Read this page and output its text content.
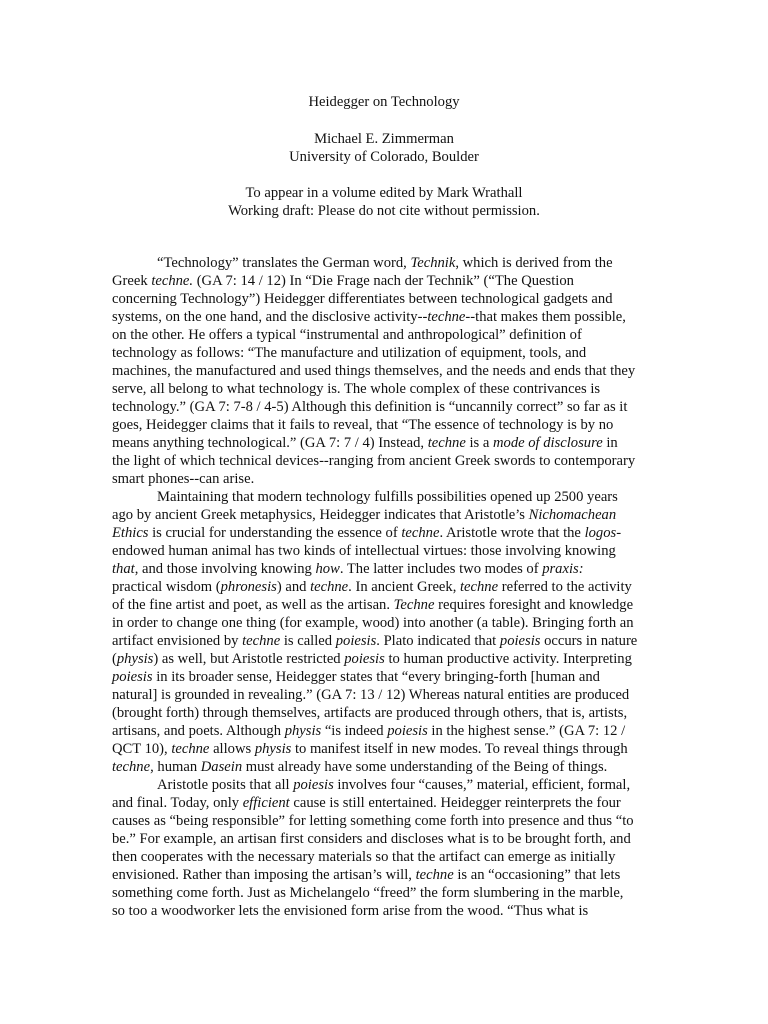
Heidegger on Technology
Michael E. Zimmerman
University of Colorado, Boulder
To appear in a volume edited by Mark Wrathall
Working draft: Please do not cite without permission.
“Technology” translates the German word, Technik, which is derived from the
Greek techne. (GA 7: 14 / 12) In “Die Frage nach der Technik” (“The Question
concerning Technology”) Heidegger differentiates between technological gadgets and
systems, on the one hand, and the disclosive activity--techne--that makes them possible,
on the other. He offers a typical “instrumental and anthropological” definition of
technology as follows: “The manufacture and utilization of equipment, tools, and
machines, the manufactured and used things themselves, and the needs and ends that they
serve, all belong to what technology is. The whole complex of these contrivances is
technology.” (GA 7: 7-8 / 4-5) Although this definition is “uncannily correct” so far as it
goes, Heidegger claims that it fails to reveal, that “The essence of technology is by no
means anything technological.” (GA 7: 7 / 4) Instead, techne is a mode of disclosure in
the light of which technical devices--ranging from ancient Greek swords to contemporary
smart phones--can arise.
Maintaining that modern technology fulfills possibilities opened up 2500 years
ago by ancient Greek metaphysics, Heidegger indicates that Aristotle’s Nichomachean
Ethics is crucial for understanding the essence of techne. Aristotle wrote that the logos-
endowed human animal has two kinds of intellectual virtues: those involving knowing
that, and those involving knowing how. The latter includes two modes of praxis:
practical wisdom (phronesis) and techne. In ancient Greek, techne referred to the activity
of the fine artist and poet, as well as the artisan. Techne requires foresight and knowledge
in order to change one thing (for example, wood) into another (a table). Bringing forth an
artifact envisioned by techne is called poiesis. Plato indicated that poiesis occurs in nature
(physis) as well, but Aristotle restricted poiesis to human productive activity. Interpreting
poiesis in its broader sense, Heidegger states that “every bringing-forth [human and
natural] is grounded in revealing.” (GA 7: 13 / 12) Whereas natural entities are produced
(brought forth) through themselves, artifacts are produced through others, that is, artists,
artisans, and poets. Although physis “is indeed poiesis in the highest sense.” (GA 7: 12 /
QCT 10), techne allows physis to manifest itself in new modes. To reveal things through
techne, human Dasein must already have some understanding of the Being of things.
Aristotle posits that all poiesis involves four “causes,” material, efficient, formal,
and final. Today, only efficient cause is still entertained. Heidegger reinterprets the four
causes as “being responsible” for letting something come forth into presence and thus “to
be.” For example, an artisan first considers and discloses what is to be brought forth, and
then cooperates with the necessary materials so that the artifact can emerge as initially
envisioned. Rather than imposing the artisan’s will, techne is an “occasioning” that lets
something come forth. Just as Michelangelo “freed” the form slumbering in the marble,
so too a woodworker lets the envisioned form arise from the wood. “Thus what is
